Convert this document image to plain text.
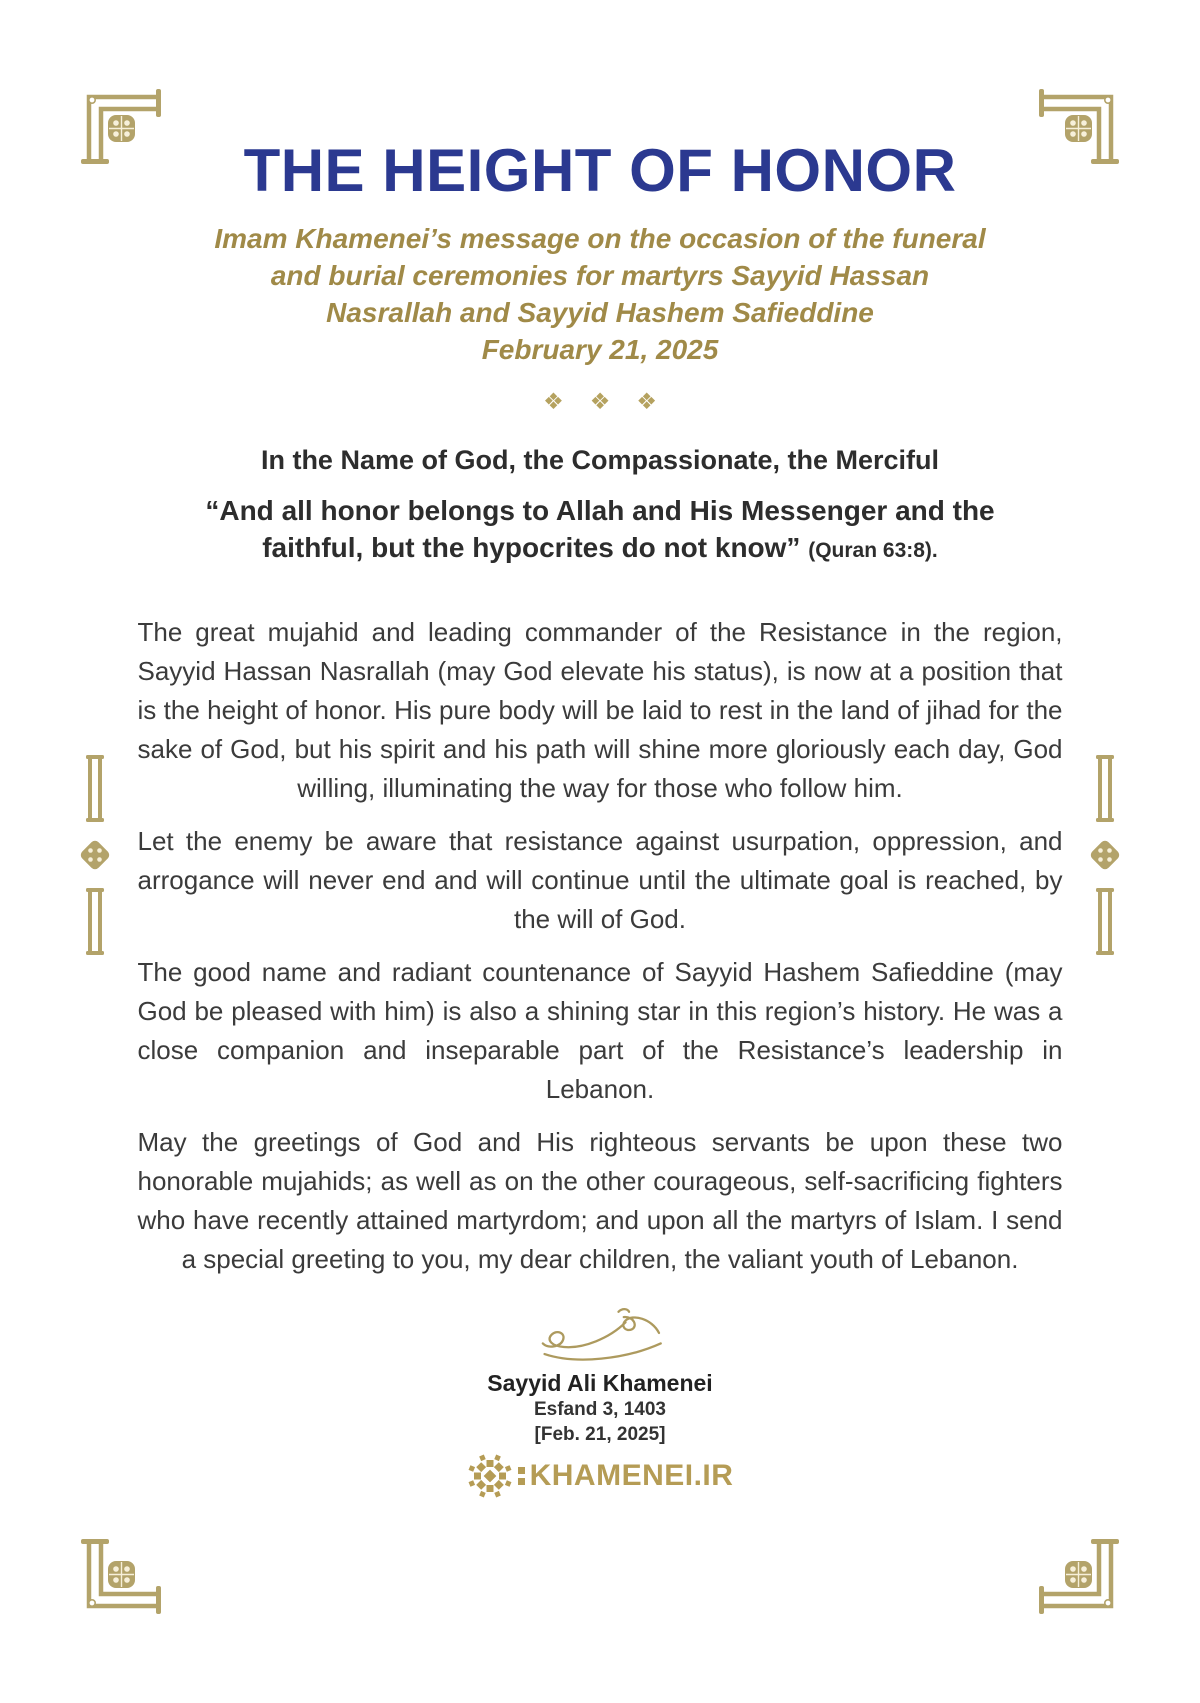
THE HEIGHT OF HONOR

Imam Khamenei’s message on the occasion of the funeral and burial ceremonies for martyrs Sayyid Hassan Nasrallah and Sayyid Hashem Safieddine

February 21, 2025

❖ ❖ ❖
In the Name of God, the Compassionate, the Merciful
“And all honor belongs to Allah and His Messenger and the faithful, but the hypocrites do not know” (Quran 63:8).

The great mujahid and leading commander of the Resistance in the region, Sayyid Hassan Nasrallah (may God elevate his status), is now at a position that is the height of honor. His pure body will be laid to rest in the land of jihad for the sake of God, but his spirit and his path will shine more gloriously each day, God willing, illuminating the way for those who follow him.

Let the enemy be aware that resistance against usurpation, oppression, and arrogance will never end and will continue until the ultimate goal is reached, by the will of God.

The good name and radiant countenance of Sayyid Hashem Safieddine (may God be pleased with him) is also a shining star in this region’s history. He was a close companion and inseparable part of the Resistance’s leadership in Lebanon.

May the greetings of God and His righteous servants be upon these two honorable mujahids; as well as on the other courageous, self-sacrificing fighters who have recently attained martyrdom; and upon all the martyrs of Islam. I send a special greeting to you, my dear children, the valiant youth of Lebanon.

Sayyid Ali Khamenei
Esfand 3, 1403
[Feb. 21, 2025]
KHAMENEI.IR
